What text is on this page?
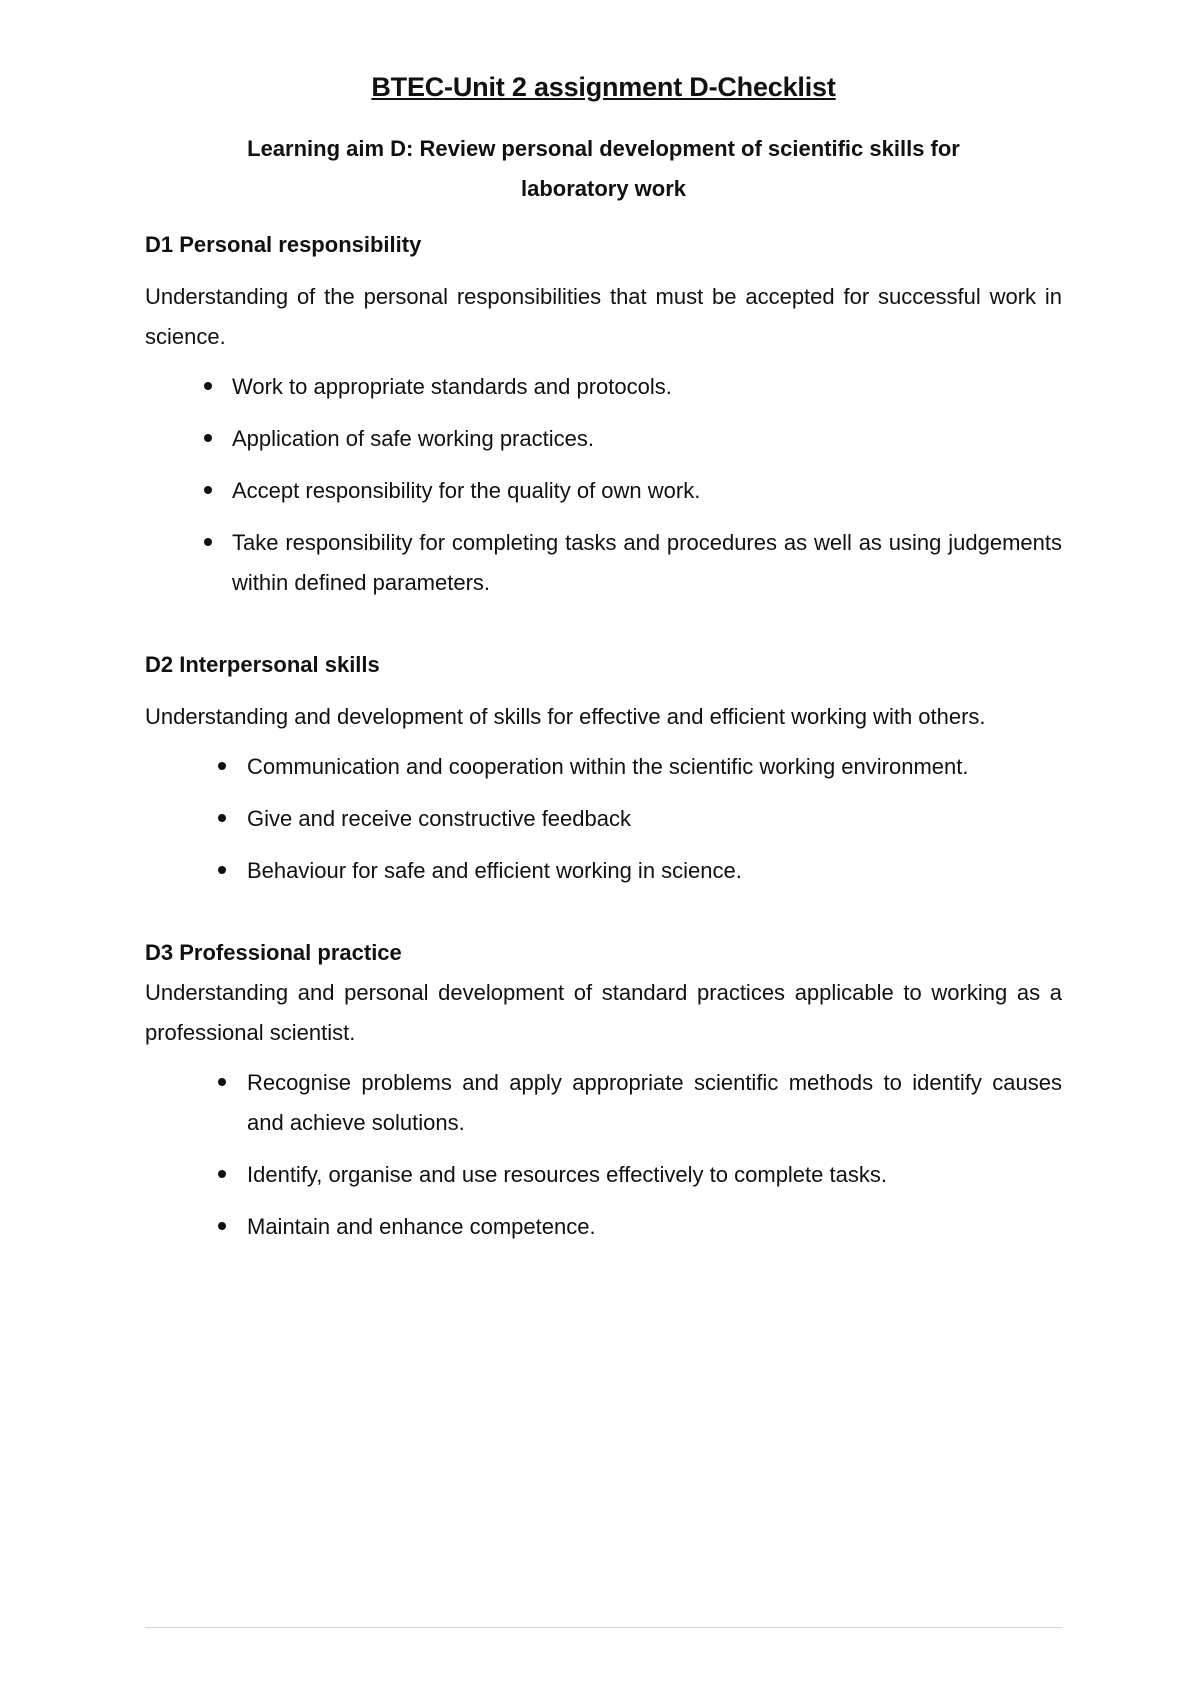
BTEC-Unit 2 assignment D-Checklist
Learning aim D: Review personal development of scientific skills for laboratory work
D1 Personal responsibility
Understanding of the personal responsibilities that must be accepted for successful work in science.
Work to appropriate standards and protocols.
Application of safe working practices.
Accept responsibility for the quality of own work.
Take responsibility for completing tasks and procedures as well as using judgements within defined parameters.
D2 Interpersonal skills
Understanding and development of skills for effective and efficient working with others.
Communication and cooperation within the scientific working environment.
Give and receive constructive feedback
Behaviour for safe and efficient working in science.
D3 Professional practice
Understanding and personal development of standard practices applicable to working as a professional scientist.
Recognise problems and apply appropriate scientific methods to identify causes and achieve solutions.
Identify, organise and use resources effectively to complete tasks.
Maintain and enhance competence.
